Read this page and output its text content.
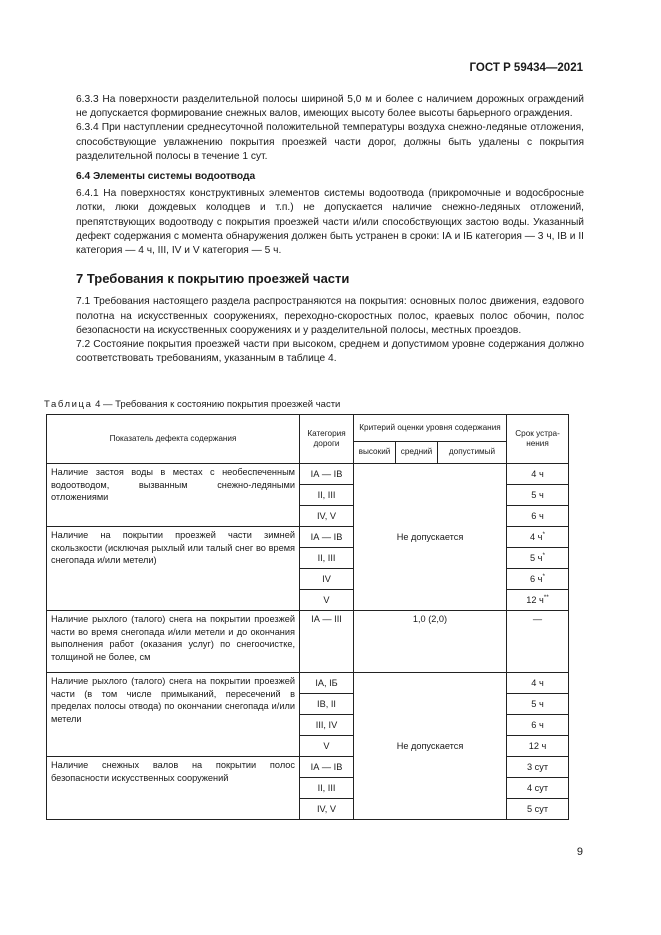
ГОСТ Р 59434—2021

6.3.3 На поверхности разделительной полосы шириной 5,0 м и более с наличием дорожных ограждений не допускается формирование снежных валов, имеющих высоту более высоты барьерного ограждения.

6.3.4 При наступлении среднесуточной положительной температуры воздуха снежно-ледяные отложения, способствующие увлажнению покрытия проезжей части дорог, должны быть удалены с покрытия разделительной полосы в течение 1 сут.

6.4 Элементы системы водоотвода

6.4.1 На поверхностях конструктивных элементов системы водоотвода (прикромочные и водосбросные лотки, люки дождевых колодцев и т.п.) не допускается наличие снежно-ледяных отложений, препятствующих водоотводу с покрытия проезжей части и/или способствующих застою воды. Указанный дефект содержания с момента обнаружения должен быть устранен в сроки: IА и IБ категория — 3 ч, IВ и II категория — 4 ч, III, IV и V категория — 5 ч.

7 Требования к покрытию проезжей части

7.1 Требования настоящего раздела распространяются на покрытия: основных полос движения, ездового полотна на искусственных сооружениях, переходно-скоростных полос, краевых полос обочин, полос безопасности на искусственных сооружениях и у разделительной полосы, местных проездов.

7.2 Состояние покрытия проезжей части при высоком, среднем и допустимом уровне содержания должно соответствовать требованиям, указанным в таблице 4.

Таблица 4 — Требования к состоянию покрытия проезжей части
Показатель дефекта содержания	Категория дороги	Критерий оценки уровня содержания			Срок устра-нения
		высокий	средний	допустимый	
Наличие застоя воды в местах с необеспеченным водоотводом, вызванным снежно-ледяными отложениями	IА — IВ	Не допускается			4 ч
	II, III				5 ч
	IV, V				6 ч
Наличие на покрытии проезжей части зимней скользкости (исключая рыхлый или талый снег во время снегопада и/или метели)	IА — IВ				4 ч*
	II, III				5 ч*
	IV				6 ч*
	V				12 ч**
Наличие рыхлого (талого) снега на покрытии проезжей части во время снегопада и/или метели и до окончания выполнения работ (оказания услуг) по снегоочистке, толщиной не более, см	IА — III	1,0 (2,0)			—
Наличие рыхлого (талого) снега на покрытии проезжей части (в том числе примыканий, пересечений в пределах полосы отвода) по окончании снегопада и/или метели	IА, IБ	Не допускается			4 ч
	IВ, II				5 ч
	III, IV				6 ч
	V				12 ч
Наличие снежных валов на покрытии полос безопасности искусственных сооружений	IА — IВ				3 сут
	II, III				4 сут
	IV, V				5 сут
9
